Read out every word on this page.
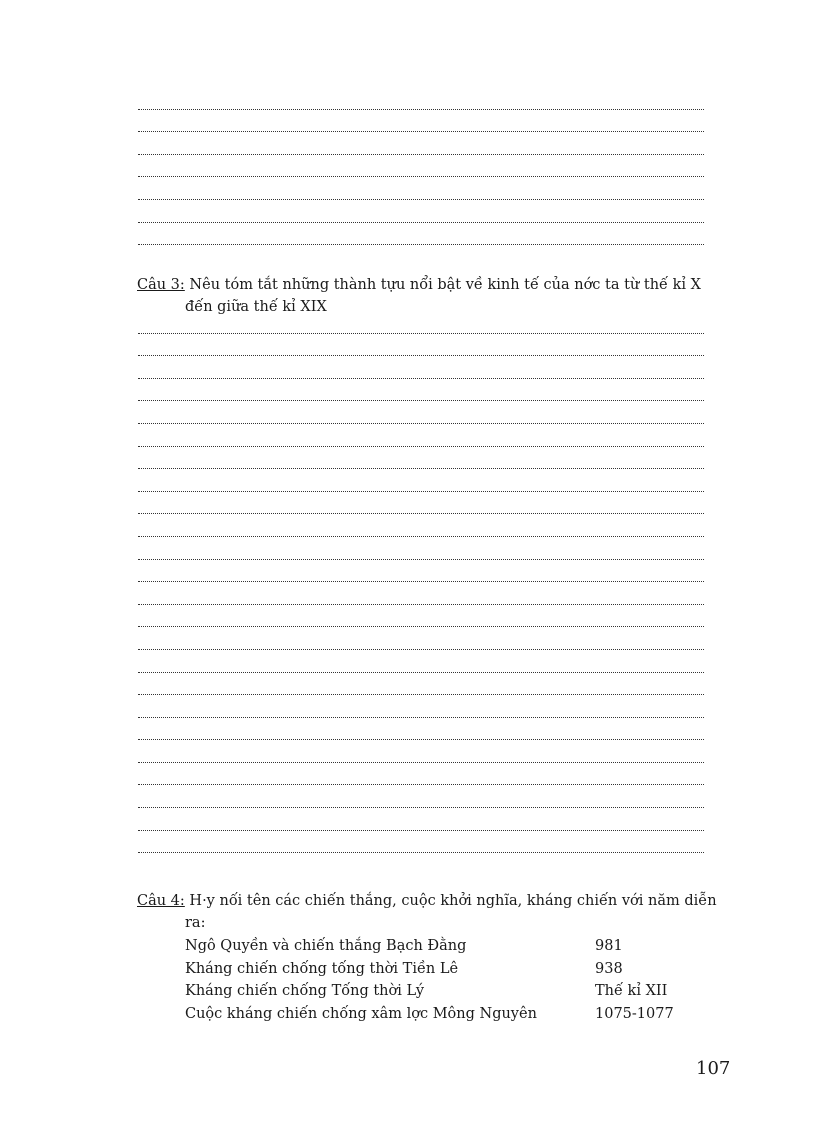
Câu 3: Nêu tóm tắt những thành tựu nổi bật về kinh tế của nớc ta từ thế kỉ X
đến giữa thế kỉ XIX
Câu 4: H·y nối tên các chiến thắng, cuộc khởi nghĩa, kháng chiến với năm diễn
ra:
Ngô Quyền và chiến thắng Bạch Đằng	981
Kháng chiến chống tống thời Tiền Lê	938
Kháng chiến chống Tống thời Lý	Thế kỉ XII
Cuộc kháng chiến chống xâm lợc Mông Nguyên	1075-1077
107
